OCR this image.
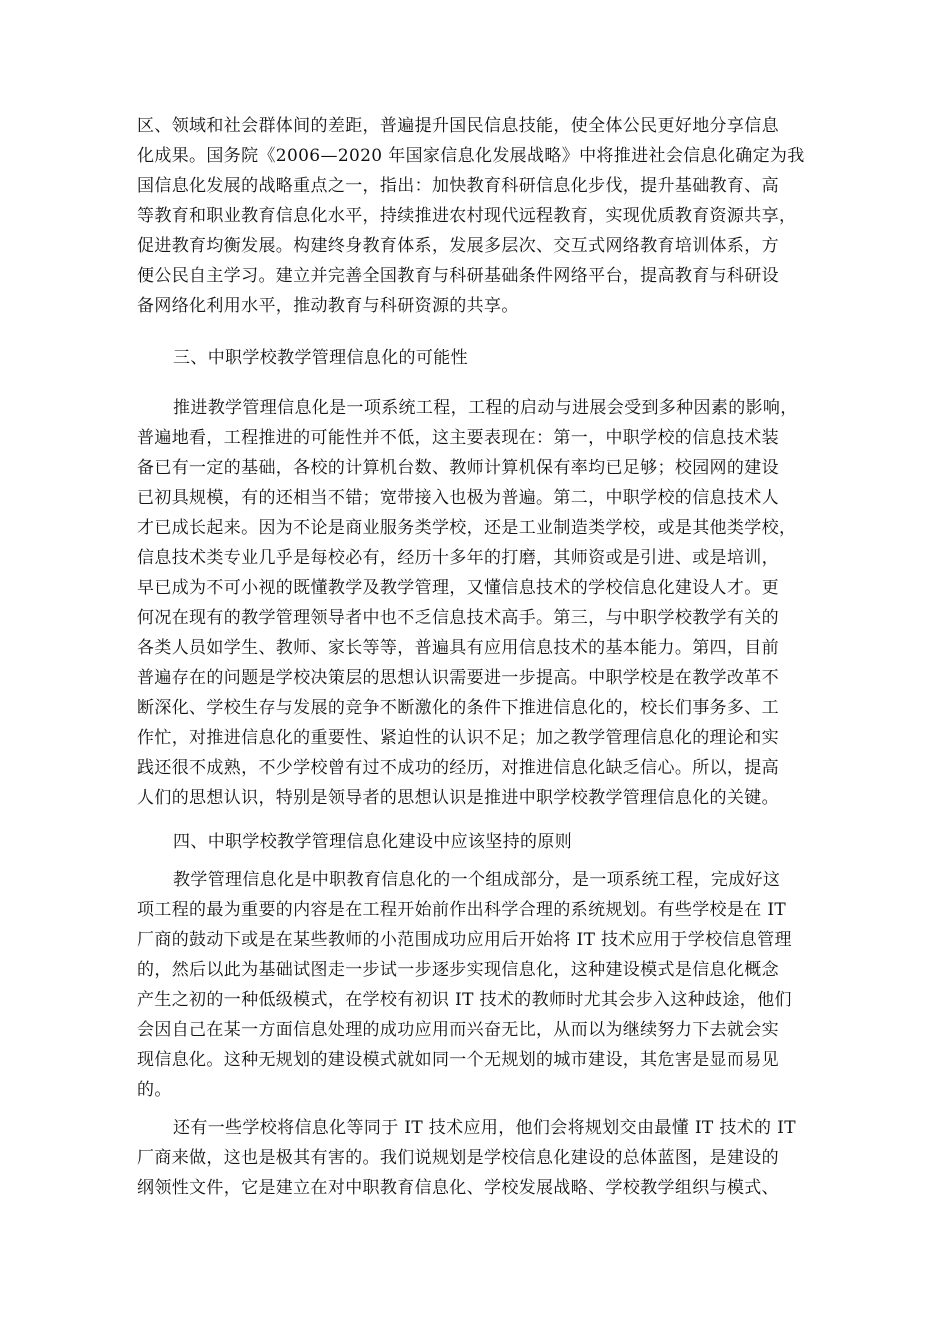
区、领域和社会群体间的差距，普遍提升国民信息技能，使全体公民更好地分享信息
化成果。国务院《2006—2020 年国家信息化发展战略》中将推进社会信息化确定为我
国信息化发展的战略重点之一，指出：加快教育科研信息化步伐，提升基础教育、高
等教育和职业教育信息化水平，持续推进农村现代远程教育，实现优质教育资源共享，
促进教育均衡发展。构建终身教育体系，发展多层次、交互式网络教育培训体系，方
便公民自主学习。建立并完善全国教育与科研基础条件网络平台，提高教育与科研设
备网络化利用水平，推动教育与科研资源的共享。
三、中职学校教学管理信息化的可能性
推进教学管理信息化是一项系统工程，工程的启动与进展会受到多种因素的影响，
普遍地看，工程推进的可能性并不低，这主要表现在：第一，中职学校的信息技术装
备已有一定的基础，各校的计算机台数、教师计算机保有率均已足够；校园网的建设
已初具规模，有的还相当不错；宽带接入也极为普遍。第二，中职学校的信息技术人
才已成长起来。因为不论是商业服务类学校，还是工业制造类学校，或是其他类学校，
信息技术类专业几乎是每校必有，经历十多年的打磨，其师资或是引进、或是培训，
早已成为不可小视的既懂教学及教学管理，又懂信息技术的学校信息化建设人才。更
何况在现有的教学管理领导者中也不乏信息技术高手。第三，与中职学校教学有关的
各类人员如学生、教师、家长等等，普遍具有应用信息技术的基本能力。第四，目前
普遍存在的问题是学校决策层的思想认识需要进一步提高。中职学校是在教学改革不
断深化、学校生存与发展的竞争不断激化的条件下推进信息化的，校长们事务多、工
作忙，对推进信息化的重要性、紧迫性的认识不足；加之教学管理信息化的理论和实
践还很不成熟，不少学校曾有过不成功的经历，对推进信息化缺乏信心。所以，提高
人们的思想认识，特别是领导者的思想认识是推进中职学校教学管理信息化的关键。
四、中职学校教学管理信息化建设中应该坚持的原则
教学管理信息化是中职教育信息化的一个组成部分，是一项系统工程，完成好这
项工程的最为重要的内容是在工程开始前作出科学合理的系统规划。有些学校是在 IT
厂商的鼓动下或是在某些教师的小范围成功应用后开始将 IT 技术应用于学校信息管理
的，然后以此为基础试图走一步试一步逐步实现信息化，这种建设模式是信息化概念
产生之初的一种低级模式，在学校有初识 IT 技术的教师时尤其会步入这种歧途，他们
会因自己在某一方面信息处理的成功应用而兴奋无比，从而以为继续努力下去就会实
现信息化。这种无规划的建设模式就如同一个无规划的城市建设，其危害是显而易见
的。
还有一些学校将信息化等同于 IT 技术应用，他们会将规划交由最懂 IT 技术的 IT
厂商来做，这也是极其有害的。我们说规划是学校信息化建设的总体蓝图，是建设的
纲领性文件，它是建立在对中职教育信息化、学校发展战略、学校教学组织与模式、
